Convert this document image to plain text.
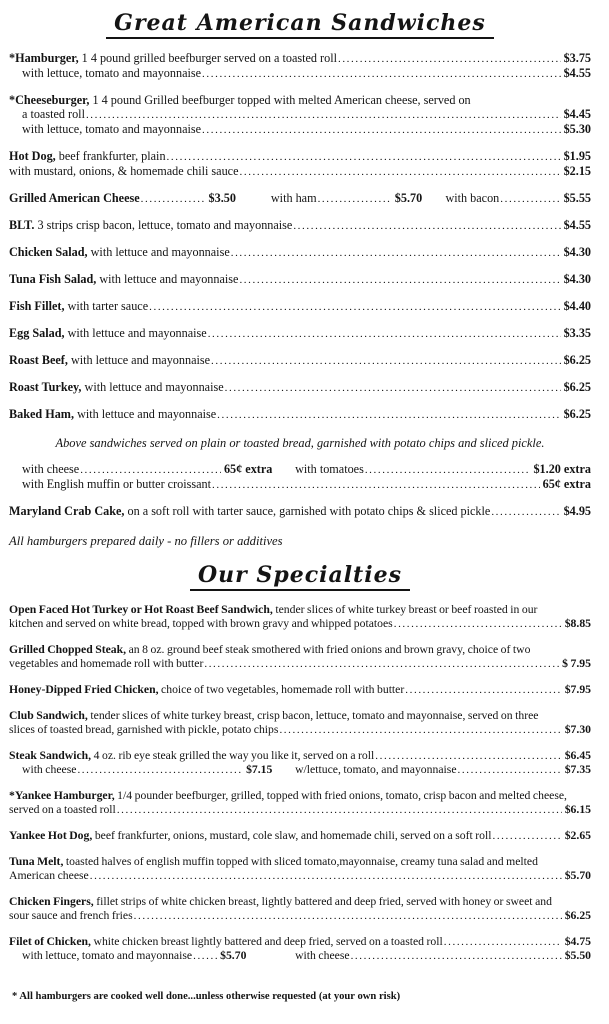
Great American Sandwiches
*Hamburger, 1 4 pound grilled beefburger served on a toasted roll .....	$3.75
with lettuce, tomato and mayonnaise .....	$4.55
*Cheeseburger, 1 4 pound Grilled beefburger topped with melted American cheese, served on
a toasted roll .....	$4.45
with lettuce, tomato and mayonnaise .....	$5.30
Hot Dog, beef frankfurter, plain .....	$1.95
with mustard, onions, & homemade chili sauce .....	$2.15
Grilled American Cheese .....	$3.50	with ham .....	$5.70 with bacon .....	$5.55
BLT. 3 strips crisp bacon, lettuce, tomato and mayonnaise .....	$4.55
Chicken Salad, with lettuce and mayonnaise .....	$4.30
Tuna Fish Salad, with lettuce and mayonnaise .....	$4.30
Fish Fillet, with tarter sauce .....	$4.40
Egg Salad, with lettuce and mayonnaise .....	$3.35
Roast Beef, with lettuce and mayonnaise .....	$6.25
Roast Turkey, with lettuce and mayonnaise .....	$6.25
Baked Ham, with lettuce and mayonnaise .....	$6.25
Above sandwiches served on plain or toasted bread, garnished with potato chips and sliced pickle.
with cheese .....	65¢ extra with tomatoes .....	$1.20 extra
with English muffin or butter croissant .....	65¢ extra
Maryland Crab Cake, on a soft roll with tarter sauce, garnished with potato chips & sliced pickle .....	$4.95
All hamburgers prepared daily - no fillers or additives
Our Specialties
Open Faced Hot Turkey or Hot Roast Beef Sandwich, tender slices of white turkey breast or beef roasted in our
kitchen and served on white bread, topped with brown gravy and whipped potatoes .....	$8.85
Grilled Chopped Steak, an 8 oz. ground beef steak smothered with fried onions and brown gravy, choice of two
vegetables and homemade roll with butter .....	$ 7.95
Honey-Dipped Fried Chicken, choice of two vegetables, homemade roll with butter .....	$7.95
Club Sandwich, tender slices of white turkey breast, crisp bacon, lettuce, tomato and mayonnaise, served on three
slices of toasted bread, garnished with pickle, potato chips .....	$7.30
Steak Sandwich, 4 oz. rib eye steak grilled the way you like it, served on a roll .....	$6.45
with cheese .....	$7.15 w/lettuce, tomato, and mayonnaise .....	$7.35
*Yankee Hamburger, 1/4 pounder beefburger, grilled, topped with fried onions, tomato, crisp bacon and melted cheese,
served on a toasted roll .....	$6.15
Yankee Hot Dog, beef frankfurter, onions, mustard, cole slaw, and homemade chili, served on a soft roll .....	$2.65
Tuna Melt, toasted halves of english muffin topped with sliced tomato,mayonnaise, creamy tuna salad and melted
American cheese .....	$5.70
Chicken Fingers, fillet strips of white chicken breast, lightly battered and deep fried, served with honey or sweet and
sour sauce and french fries .....	$6.25
Filet of Chicken, white chicken breast lightly battered and deep fried, served on a toasted roll .....	$4.75
with lettuce, tomato and mayonnaise ..... $5.70	with cheese .....	$5.50
* All hamburgers are cooked well done...unless otherwise requested (at your own risk)
